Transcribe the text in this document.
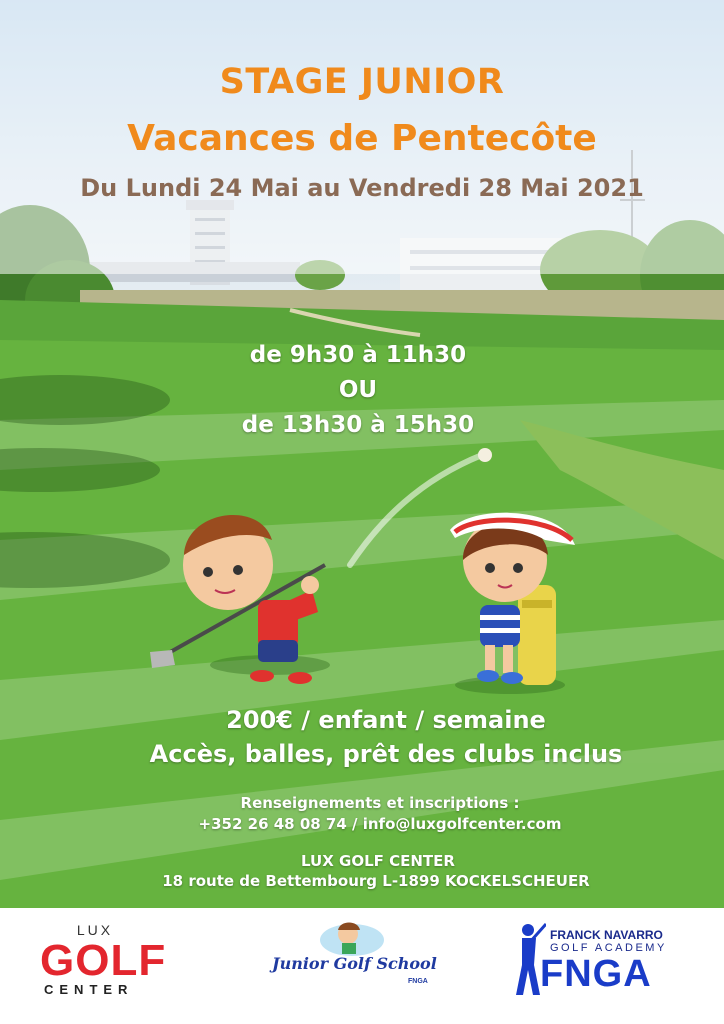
STAGE JUNIOR
Vacances de Pentecôte
Du Lundi 24 Mai au Vendredi 28 Mai 2021
de 9h30 à 11h30
OU
de 13h30 à 15h30
200€ / enfant / semaine
Accès, balles, prêt des clubs inclus
Renseignements et inscriptions :
+352 26 48 08 74 / info@luxgolfcenter.com
LUX GOLF CENTER
18 route de Bettembourg L-1899 KOCKELSCHEUER
LUX
GOLF
CENTER
Junior Golf School
FNGA
FRANCK NAVARRO
GOLF ACADEMY
FNGA
